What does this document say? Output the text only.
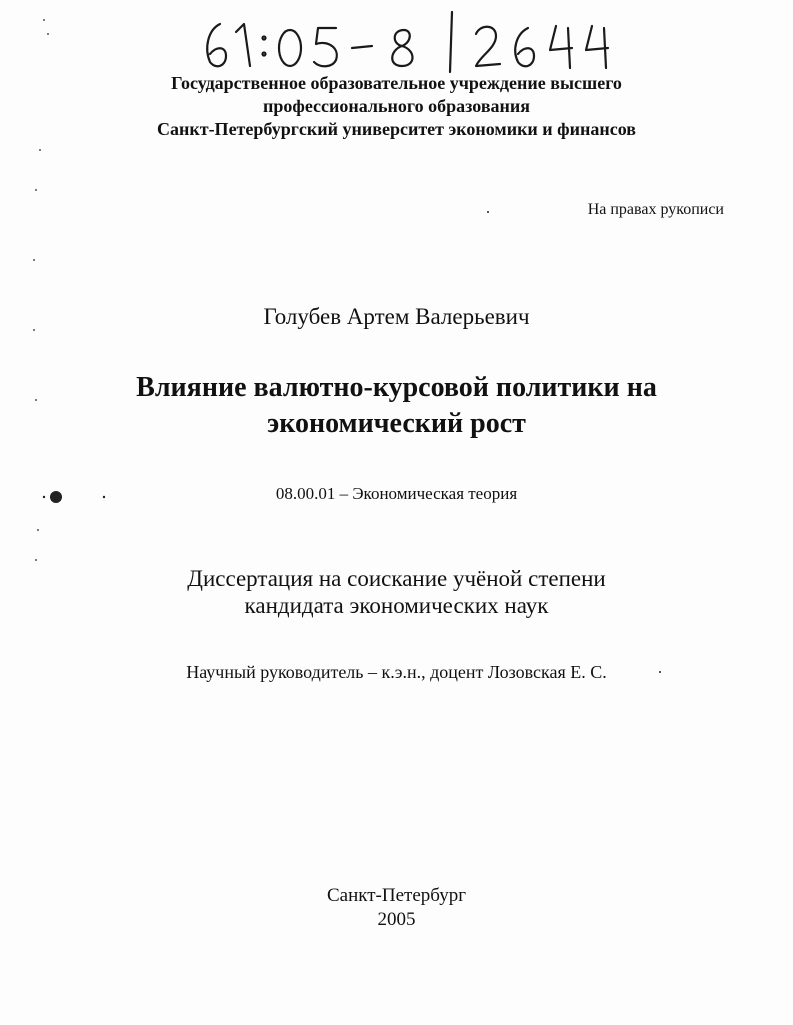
Государственное образовательное учреждение высшего
профессионального образования
Санкт-Петербургский университет экономики и финансов
На правах рукописи
Голубев Артем Валерьевич
Влияние валютно-курсовой политики на
экономический рост
08.00.01 – Экономическая теория
Диссертация на соискание учёной степени
кандидата экономических наук
Научный руководитель – к.э.н., доцент Лозовская Е. С.
Санкт-Петербург
2005
